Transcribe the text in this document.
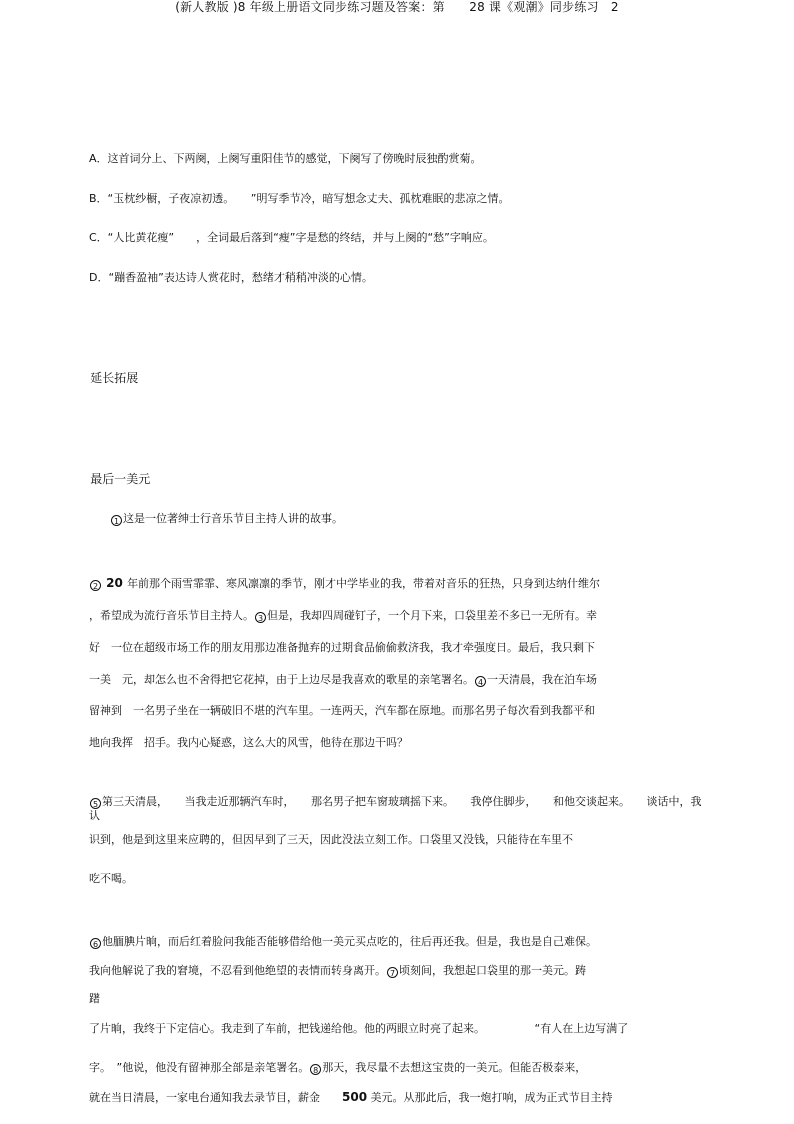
(新人教版 )8 年级上册语文同步练习题及答案：第　　28 课《观潮》同步练习　2

A．这首词分上、下两阕，上阕写重阳佳节的感觉，下阕写了傍晚时辰独酌赏菊。

B．“玉枕纱橱，子夜凉初透。　　”明写季节冷，暗写想念丈夫、孤枕难眠的悲凉之情。

C．“人比黄花瘦”　　，全词最后落到“瘦”字是愁的终结，并与上阕的“愁”字响应。

D．“蹦香盈袖”表达诗人赏花时，愁绪才稍稍冲淡的心情。

延长拓展

最后一美元

1 这是一位著绅士行音乐节目主持人讲的故事。

2 20 年前那个雨雪霏霏、寒风凛凛的季节，刚才中学毕业的我，带着对音乐的狂热，只身到达纳什维尔

，希望成为流行音乐节目主持人。 3 但是，我却四周碰钉子，一个月下来，口袋里差不多已一无所有。幸

好　一位在超级市场工作的朋友用那边准备抛弃的过期食品偷偷救济我，我才牵强度日。最后，我只剩下

一美　元，却怎么也不舍得把它花掉，由于上边尽是我喜欢的歌星的亲笔署名。 4 一天清晨，我在泊车场

留神到　一名男子坐在一辆破旧不堪的汽车里。一连两天，汽车都在原地。而那名男子每次看到我都平和

地向我挥　招手。我内心疑惑，这么大的风雪，他待在那边干吗？

5 第三天清晨，　　当我走近那辆汽车时，　　那名男子把车窗玻璃摇下来。　　我停住脚步，　　和他交谈起来。　　谈话中，我

认

识到，他是到这里来应聘的，但因早到了三天，因此没法立刻工作。口袋里又没钱，只能待在车里不

吃不喝。

6 他腼腆片晌，而后红着脸问我能否能够借给他一美元买点吃的，往后再还我。但是，我也是自己难保。

我向他解说了我的窘境，不忍看到他绝望的表情而转身离开。 7 顷刻间，我想起口袋里的那一美元。踌

躇

了片晌，我终于下定信心。我走到了车前，把钱递给他。他的两眼立时亮了起来。　　　　　“有人在上边写满了

字。　”他说，他没有留神那全部是亲笔署名。 8 那天，我尽量不去想这宝贵的一美元。但能否极泰来，

就在当日清晨，一家电台通知我去录节目，薪金　　500 美元。从那此后，我一炮打响，成为正式节目主持
